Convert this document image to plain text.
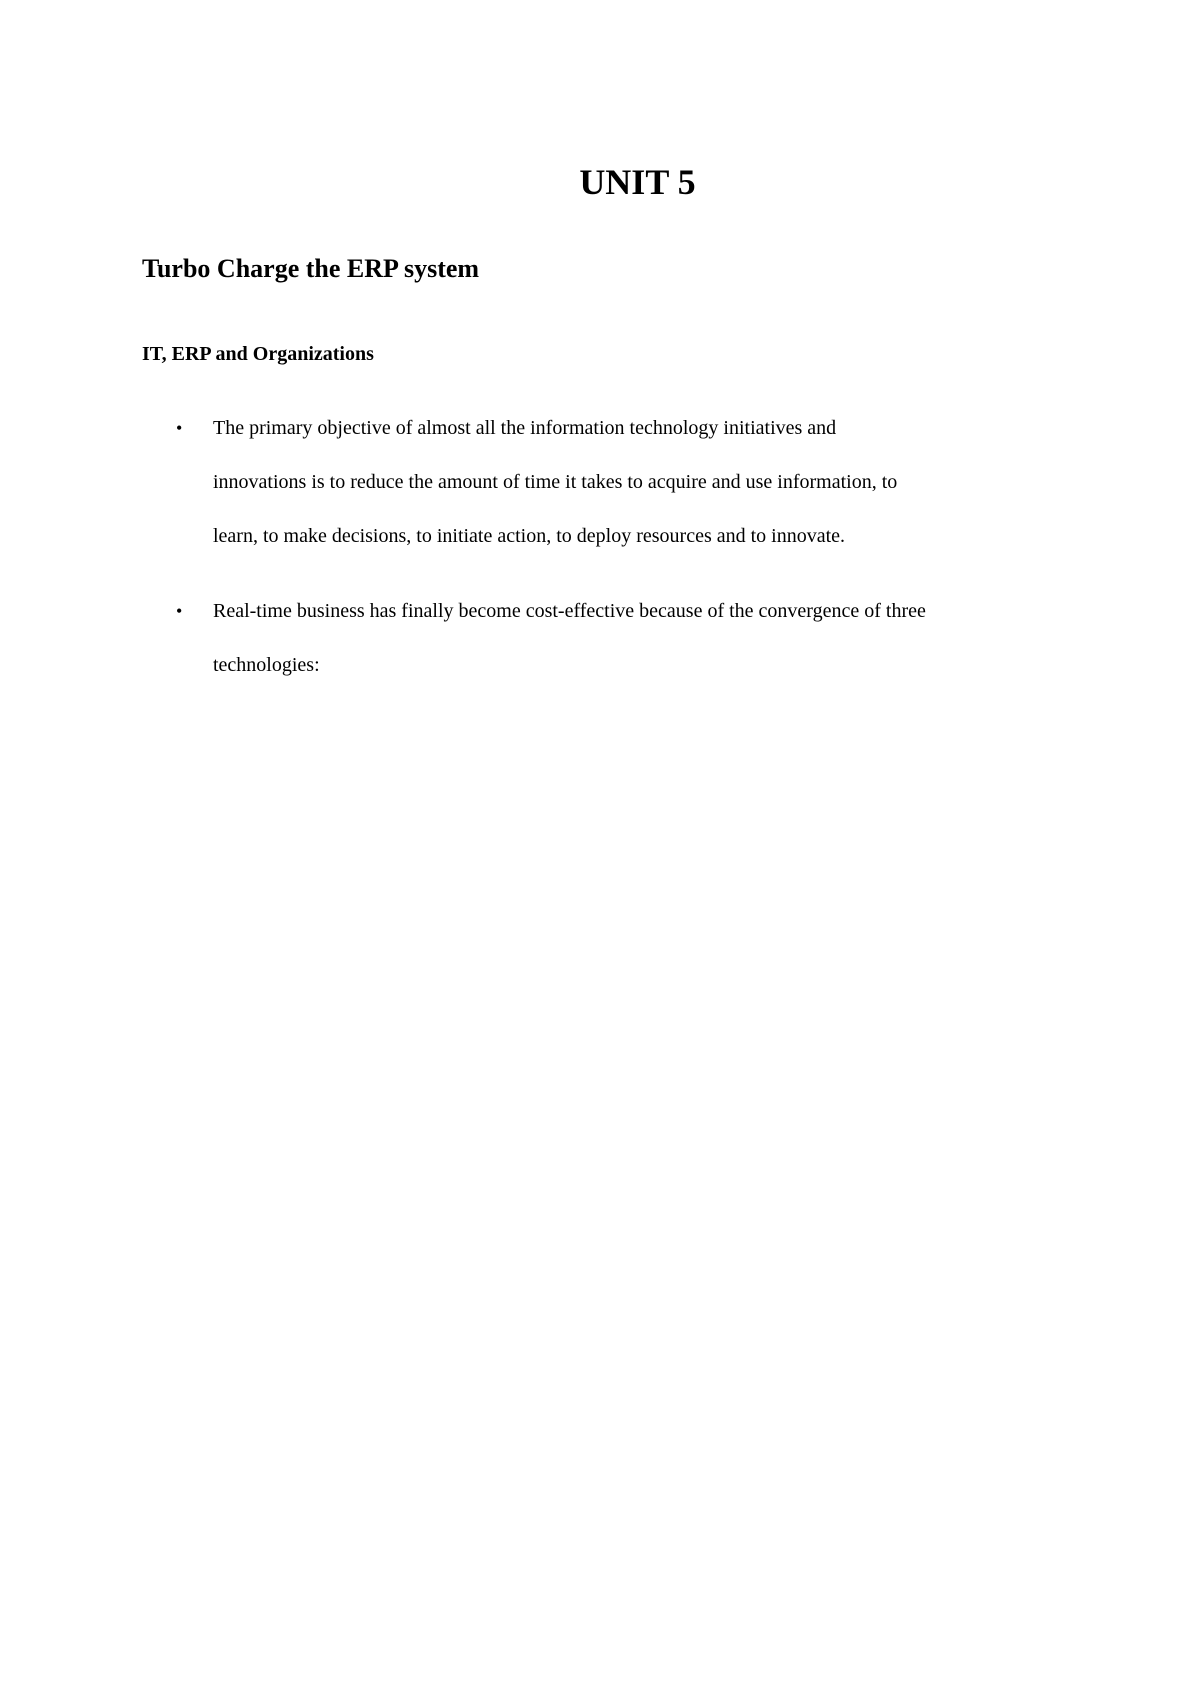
UNIT 5
Turbo Charge the ERP system
IT, ERP and Organizations
• The primary objective of almost all the information technology initiatives and
innovations is to reduce the amount of time it takes to acquire and use information, to
learn, to make decisions, to initiate action, to deploy resources and to innovate.
• Real-time business has finally become cost-effective because of the convergence of three
technologies:
